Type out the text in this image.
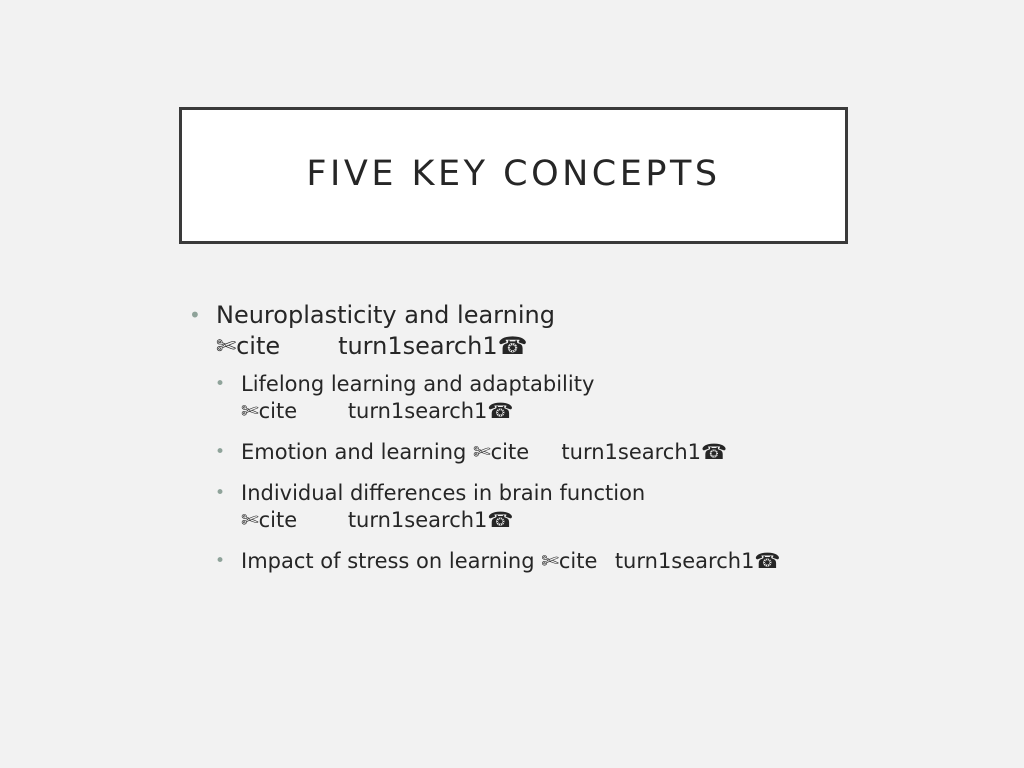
FIVE KEY CONCEPTS
• Neuroplasticity and learning
✄cite	turn1search1☎
• Lifelong learning and adaptability
✄cite	turn1search1☎
• Emotion and learning ✄cite	turn1search1☎
• Individual differences in brain function
✄cite	turn1search1☎
• Impact of stress on learning ✄cite	turn1search1☎
